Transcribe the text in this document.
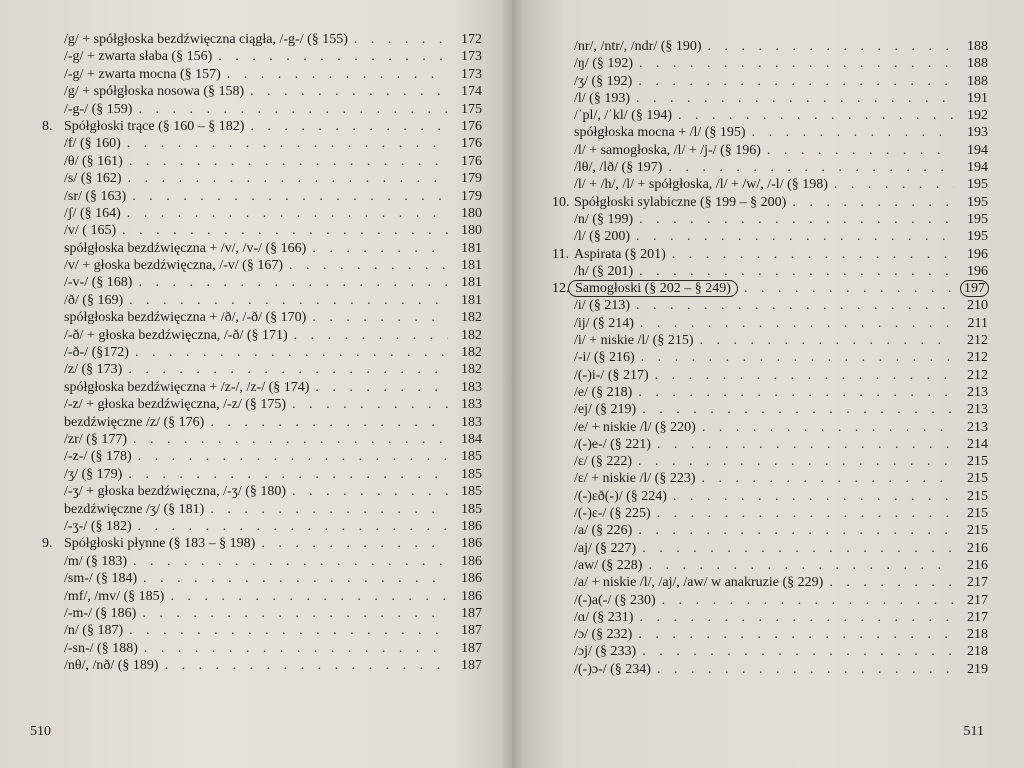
/g/ + spółgłoska bezdźwięczna ciągła, /-g-/ (§ 155) . . .	172
/-g/ + zwarta słaba (§ 156) . . .	173
/-g/ + zwarta mocna (§ 157) . . .	173
/g/ + spółgłoska nosowa (§ 158) . . .	174
/-g-/ (§ 159) . . .	175
8. Spółgłoski trące (§ 160 – § 182) . . .	176
/f/ (§ 160) . . .	176
/θ/ (§ 161) . . .	176
/s/ (§ 162) . . .	179
/sr/ (§ 163) . . .	179
/ʃ/ (§ 164) . . .	180
/v/ ( 165) . . .	180
spółgłoska bezdźwięczna + /v/, /v-/ (§ 166) . . .	181
/v/ + głoska bezdźwięczna, /-v/ (§ 167) . . .	181
/-v-/ (§ 168) . . .	181
/ð/ (§ 169) . . .	181
spółgłoska bezdźwięczna + /ð/, /-ð/ (§ 170) . . .	182
/-ð/ + głoska bezdźwięczna, /-ð/ (§ 171) . . .	182
/-ð-/ (§172) . . .	182
/z/ (§ 173) . . .	182
spółgłoska bezdźwięczna + /z-/, /z-/ (§ 174) . . .	183
/-z/ + głoska bezdźwięczna, /-z/ (§ 175) . . .	183
bezdźwięczne /z/ (§ 176) . . .	183
/zr/ (§ 177) . . .	184
/-z-/ (§ 178) . . .	185
/ʒ/ (§ 179) . . .	185
/-ʒ/ + głoska bezdźwięczna, /-ʒ/ (§ 180) . . .	185
bezdźwięczne /ʒ/ (§ 181) . . .	185
/-ʒ-/ (§ 182) . . .	186
9. Spółgłoski płynne (§ 183 – § 198) . . .	186
/m/ (§ 183) . . .	186
/sm-/ (§ 184) . . .	186
/mf/, /mv/ (§ 185) . . .	186
/-m-/ (§ 186) . . .	187
/n/ (§ 187) . . .	187
/-sn-/ (§ 188) . . .	187
/nθ/, /nð/ (§ 189) . . .	187
510
/nr/, /ntr/, /ndr/ (§ 190) . . .	188
/ŋ/ (§ 192) . . .	188
/ʒ/ (§ 192) . . .	188
/l/ (§ 193) . . .	191
/ˈpl/, /ˈkl/ (§ 194) . . .	192
spółgłoska mocna + /l/ (§ 195) . . .	193
/l/ + samogłoska, /l/ + /j-/ (§ 196) . . .	194
/lθ/, /lð/ (§ 197) . . .	194
/l/ + /h/, /l/ + spółgłoska, /l/ + /w/, /-l/ (§ 198) . . .	195
10. Spółgłoski sylabiczne (§ 199 – § 200) . . .	195
/n/ (§ 199) . . .	195
/l/ (§ 200) . . .	195
11. Aspirata (§ 201) . . .	196
/h/ (§ 201) . . .	196
12. Samogłoski (§ 202 – § 249) . . .	197
/i/ (§ 213) . . .	210
/ij/ (§ 214) . . .	211
/i/ + niskie /l/ (§ 215) . . .	212
/-i/ (§ 216) . . .	212
/(-)i-/ (§ 217) . . .	212
/e/ (§ 218) . . .	213
/ej/ (§ 219) . . .	213
/e/ + niskie /l/ (§ 220) . . .	213
/(-)e-/ (§ 221) . . .	214
/ɛ/ (§ 222) . . .	215
/ɛ/ + niskie /l/ (§ 223) . . .	215
/(-)ɛð(-)/ (§ 224) . . .	215
/(-)ɛ-/ (§ 225) . . .	215
/a/ (§ 226) . . .	215
/aj/ (§ 227) . . .	216
/aw/ (§ 228) . . .	216
/a/ + niskie /l/, /aj/, /aw/ w anakruzie (§ 229) . . .	217
/(-)a(-/ (§ 230) . . .	217
/ɑ/ (§ 231) . . .	217
/ɔ/ (§ 232) . . .	218
/ɔj/ (§ 233) . . .	218
/(-)ɔ-/ (§ 234) . . .	219
511
